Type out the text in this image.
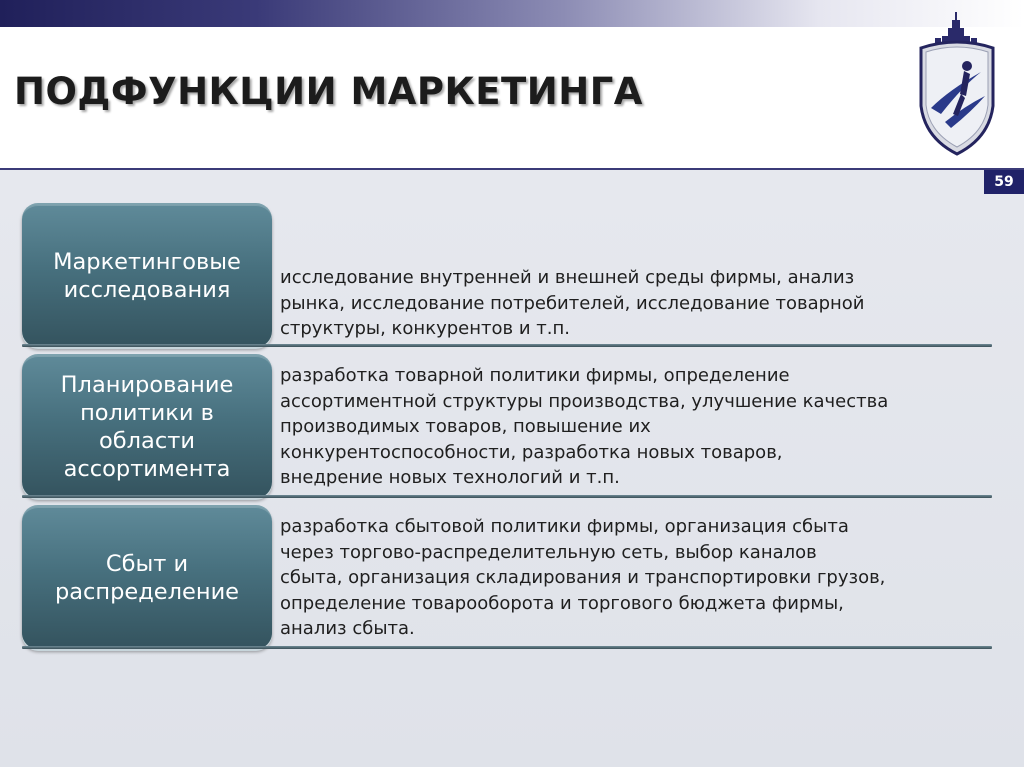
ПОДФУНКЦИИ МАРКЕТИНГА
59
Маркетинговые
исследования	исследование внутренней и внешней среды фирмы, анализ
рынка, исследование потребителей, исследование товарной
структуры, конкурентов и т.п.
Планирование
политики в
области
ассортимента
разработка товарной политики фирмы, определение
ассортиментной структуры производства, улучшение качества
производимых товаров, повышение их
конкурентоспособности, разработка новых товаров,
внедрение новых технологий и т.п.
Сбыт и
распределение
разработка сбытовой политики фирмы, организация сбыта
через торгово-распределительную сеть, выбор каналов
сбыта, организация складирования и транспортировки грузов,
определение товарооборота и торгового бюджета фирмы,
анализ сбыта.
